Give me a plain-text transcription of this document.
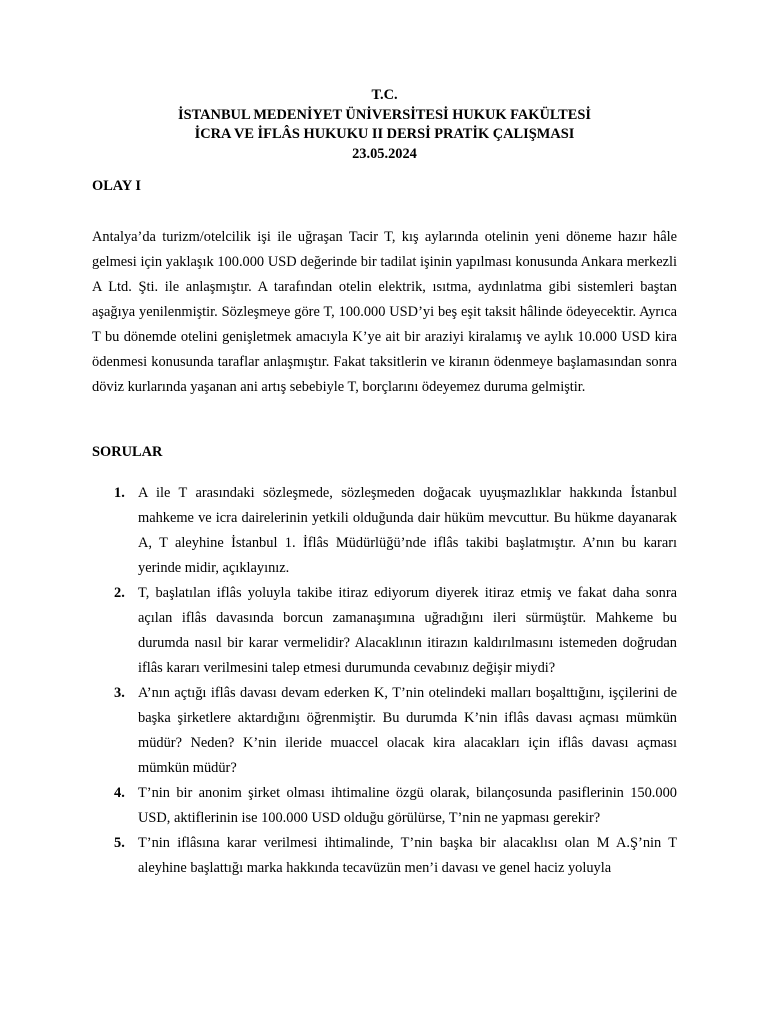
T.C.
İSTANBUL MEDENİYET ÜNİVERSİTESİ HUKUK FAKÜLTESİ
İCRA VE İFLÂS HUKUKU II DERSİ PRATİK ÇALIŞMASI
23.05.2024
OLAY I

Antalya’da turizm/otelcilik işi ile uğraşan Tacir T, kış aylarında otelinin yeni döneme hazır hâle gelmesi için yaklaşık 100.000 USD değerinde bir tadilat işinin yapılması konusunda Ankara merkezli A Ltd. Şti. ile anlaşmıştır. A tarafından otelin elektrik, ısıtma, aydınlatma gibi sistemleri baştan aşağıya yenilenmiştir. Sözleşmeye göre T, 100.000 USD’yi beş eşit taksit hâlinde ödeyecektir. Ayrıca T bu dönemde otelini genişletmek amacıyla K’ye ait bir araziyi kiralamış ve aylık 10.000 USD kira ödenmesi konusunda taraflar anlaşmıştır. Fakat taksitlerin ve kiranın ödenmeye başlamasından sonra döviz kurlarında yaşanan ani artış sebebiyle T, borçlarını ödeyemez duruma gelmiştir.

SORULAR
1. A ile T arasındaki sözleşmede, sözleşmeden doğacak uyuşmazlıklar hakkında İstanbul mahkeme ve icra dairelerinin yetkili olduğunda dair hüküm mevcuttur. Bu hükme dayanarak A, T aleyhine İstanbul 1. İflâs Müdürlüğü’nde iflâs takibi başlatmıştır. A’nın bu kararı yerinde midir, açıklayınız.
2. T, başlatılan iflâs yoluyla takibe itiraz ediyorum diyerek itiraz etmiş ve fakat daha sonra açılan iflâs davasında borcun zamanaşımına uğradığını ileri sürmüştür. Mahkeme bu durumda nasıl bir karar vermelidir? Alacaklının itirazın kaldırılmasını istemeden doğrudan iflâs kararı verilmesini talep etmesi durumunda cevabınız değişir miydi?
3. A’nın açtığı iflâs davası devam ederken K, T’nin otelindeki malları boşalttığını, işçilerini de başka şirketlere aktardığını öğrenmiştir. Bu durumda K’nin iflâs davası açması mümkün müdür? Neden? K’nin ileride muaccel olacak kira alacakları için iflâs davası açması mümkün müdür?
4. T’nin bir anonim şirket olması ihtimaline özgü olarak, bilançosunda pasiflerinin 150.000 USD, aktiflerinin ise 100.000 USD olduğu görülürse, T’nin ne yapması gerekir?
5. T’nin iflâsına karar verilmesi ihtimalinde, T’nin başka bir alacaklısı olan M A.Ş’nin T aleyhine başlattığı marka hakkında tecavüzün men’i davası ve genel haciz yoluyla
